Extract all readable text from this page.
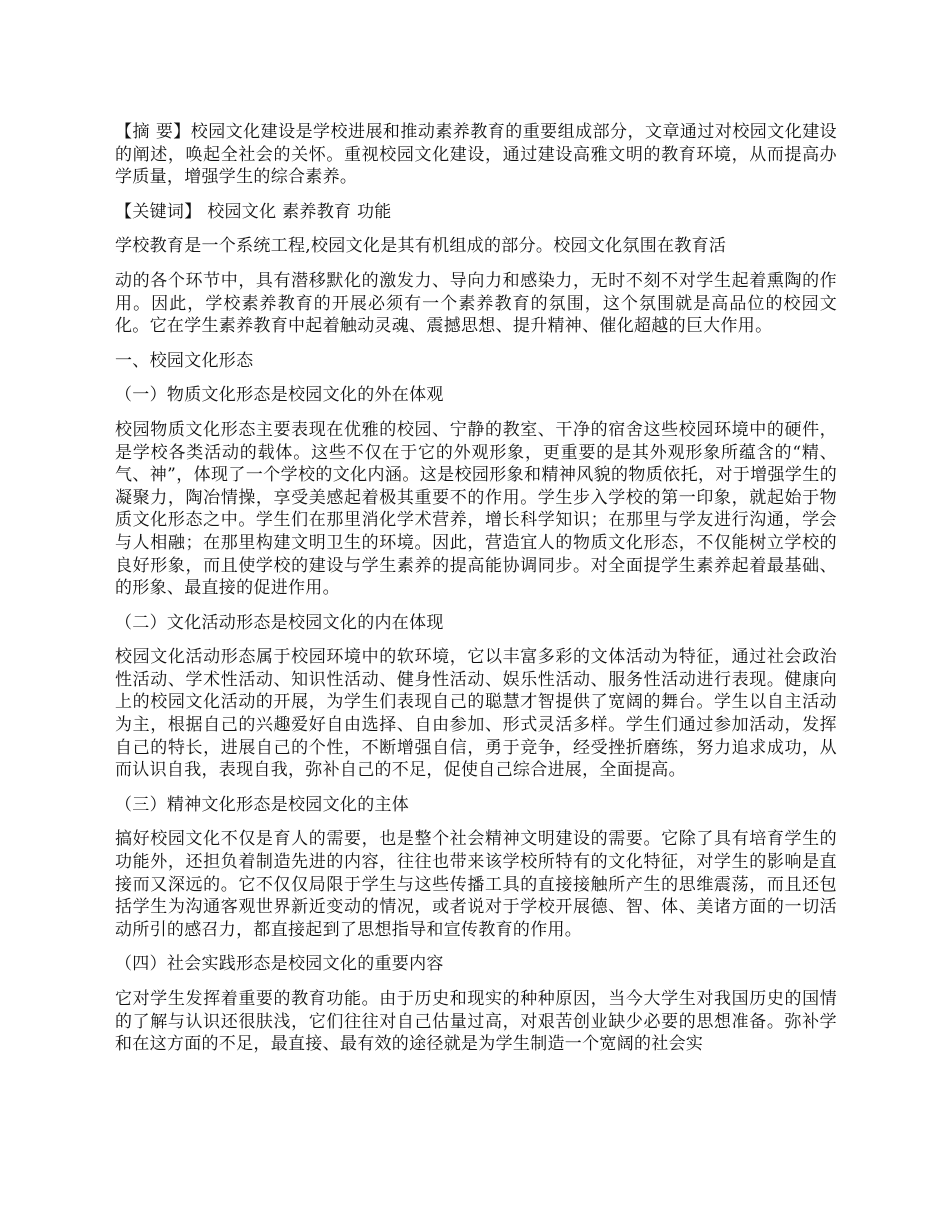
【摘 要】校园文化建设是学校进展和推动素养教育的重要组成部分，文章通过对校园文化建设的阐述，唤起全社会的关怀。重视校园文化建设，通过建设高雅文明的教育环境，从而提高办学质量，增强学生的综合素养。

【关键词】 校园文化 素养教育 功能

学校教育是一个系统工程,校园文化是其有机组成的部分。校园文化氛围在教育活

动的各个环节中，具有潜移默化的激发力、导向力和感染力，无时不刻不对学生起着熏陶的作用。因此，学校素养教育的开展必须有一个素养教育的氛围，这个氛围就是高品位的校园文化。它在学生素养教育中起着触动灵魂、震撼思想、提升精神、催化超越的巨大作用。

一、校园文化形态

（一）物质文化形态是校园文化的外在体观

校园物质文化形态主要表现在优雅的校园、宁静的教室、干净的宿舍这些校园环境中的硬件，是学校各类活动的载体。这些不仅在于它的外观形象，更重要的是其外观形象所蕴含的“精、气、神”，体现了一个学校的文化内涵。这是校园形象和精神风貌的物质依托，对于增强学生的凝聚力，陶冶情操，享受美感起着极其重要不的作用。学生步入学校的第一印象，就起始于物质文化形态之中。学生们在那里消化学术营养，增长科学知识；在那里与学友进行沟通，学会与人相融；在那里构建文明卫生的环境。因此，营造宜人的物质文化形态，不仅能树立学校的良好形象，而且使学校的建设与学生素养的提高能协调同步。对全面提学生素养起着最基础、的形象、最直接的促进作用。

（二）文化活动形态是校园文化的内在体现

校园文化活动形态属于校园环境中的软环境，它以丰富多彩的文体活动为特征，通过社会政治性活动、学术性活动、知识性活动、健身性活动、娱乐性活动、服务性活动进行表现。健康向上的校园文化活动的开展，为学生们表现自己的聪慧才智提供了宽阔的舞台。学生以自主活动为主，根据自己的兴趣爱好自由选择、自由参加、形式灵活多样。学生们通过参加活动，发挥自己的特长，进展自己的个性，不断增强自信，勇于竞争，经受挫折磨练，努力追求成功，从而认识自我，表现自我，弥补自己的不足，促使自己综合进展，全面提高。

（三）精神文化形态是校园文化的主体

搞好校园文化不仅是育人的需要，也是整个社会精神文明建设的需要。它除了具有培育学生的功能外，还担负着制造先进的内容，往往也带来该学校所特有的文化特征，对学生的影响是直接而又深远的。它不仅仅局限于学生与这些传播工具的直接接触所产生的思维震荡，而且还包括学生为沟通客观世界新近变动的情况，或者说对于学校开展德、智、体、美诸方面的一切活动所引的感召力，都直接起到了思想指导和宣传教育的作用。

（四）社会实践形态是校园文化的重要内容

它对学生发挥着重要的教育功能。由于历史和现实的种种原因，当今大学生对我国历史的国情的了解与认识还很肤浅，它们往往对自己估量过高，对艰苦创业缺少必要的思想准备。弥补学和在这方面的不足，最直接、最有效的途径就是为学生制造一个宽阔的社会实
